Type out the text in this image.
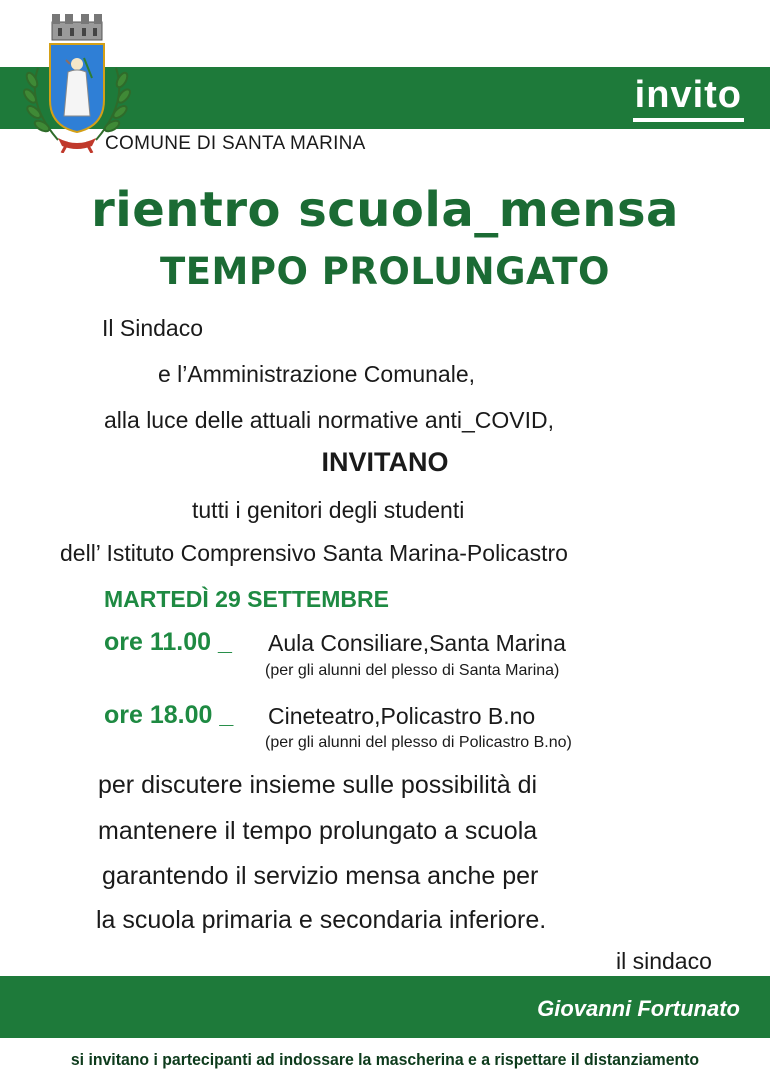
invito
COMUNE DI SANTA MARINA
rientro scuola_mensa
TEMPO PROLUNGATO
Il Sindaco
e l’Amministrazione Comunale,
alla luce delle attuali normative anti_COVID,
INVITANO
tutti i genitori degli studenti
dell’ Istituto Comprensivo Santa Marina-Policastro
MARTEDÌ 29 SETTEMBRE
ore 11.00 _ Aula Consiliare,Santa Marina
(per gli alunni del plesso di Santa Marina)
ore 18.00 _ Cineteatro,Policastro B.no
(per gli alunni del plesso di Policastro B.no)
per discutere insieme sulle possibilità di
mantenere il tempo prolungato a scuola
garantendo il servizio mensa anche per
la scuola primaria e secondaria inferiore.
il sindaco
Giovanni Fortunato
si invitano i partecipanti ad indossare la mascherina e a rispettare il distanziamento
